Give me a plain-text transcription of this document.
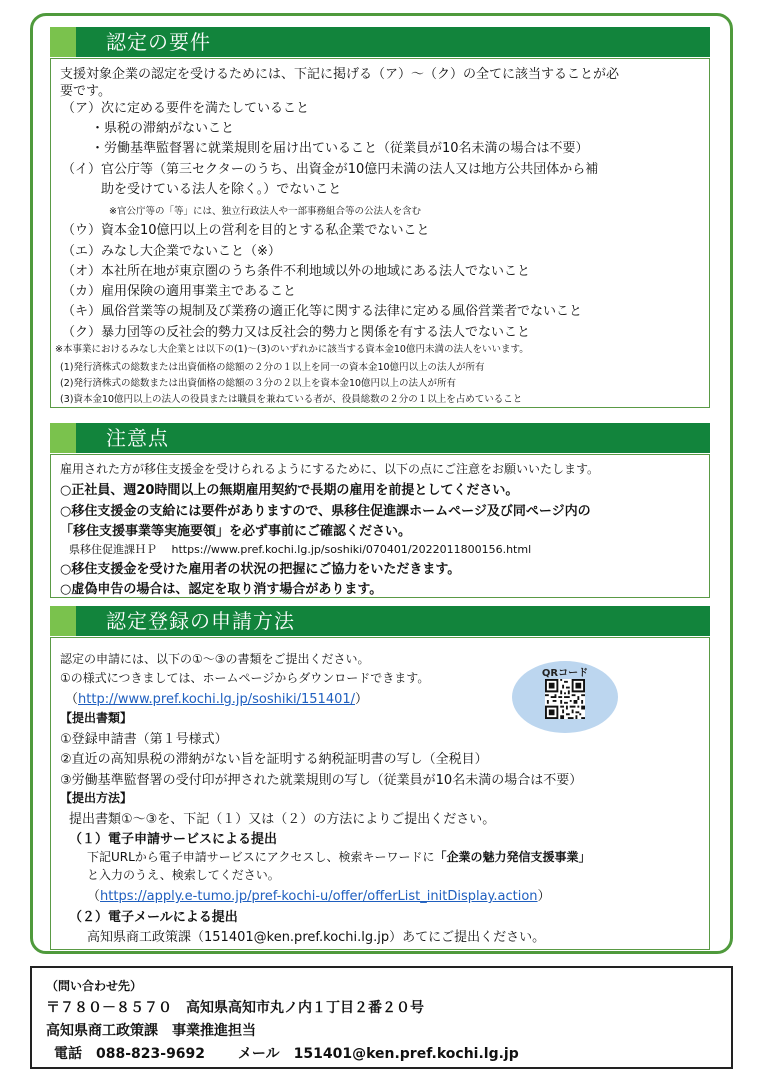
認定の要件
支援対象企業の認定を受けるためには、下記に掲げる（ア）～（ク）の全てに該当することが必
要です。
（ア）次に定める要件を満たしていること
・県税の滞納がないこと
・労働基準監督署に就業規則を届け出ていること（従業員が10名未満の場合は不要）
（イ）官公庁等（第三セクターのうち、出資金が10億円未満の法人又は地方公共団体から補
助を受けている法人を除く。）でないこと
※官公庁等の「等」には、独立行政法人や一部事務組合等の公法人を含む
（ウ）資本金10億円以上の営利を目的とする私企業でないこと
（エ）みなし大企業でないこと（※）
（オ）本社所在地が東京圏のうち条件不利地域以外の地域にある法人でないこと
（カ）雇用保険の適用事業主であること
（キ）風俗営業等の規制及び業務の適正化等に関する法律に定める風俗営業者でないこと
（ク）暴力団等の反社会的勢力又は反社会的勢力と関係を有する法人でないこと
※本事業におけるみなし大企業とは以下の(1)～(3)のいずれかに該当する資本金10億円未満の法人をいいます。
(1)発行済株式の総数または出資価格の総額の２分の１以上を同一の資本金10億円以上の法人が所有
(2)発行済株式の総数または出資価格の総額の３分の２以上を資本金10億円以上の法人が所有
(3)資本金10億円以上の法人の役員または職員を兼ねている者が、役員総数の２分の１以上を占めていること
注意点
雇用された方が移住支援金を受けられるようにするために、以下の点にご注意をお願いいたします。
○正社員、週20時間以上の無期雇用契約で長期の雇用を前提としてください。
○移住支援金の支給には要件がありますので、県移住促進課ホームページ及び同ページ内の
「移住支援事業等実施要領」を必ず事前にご確認ください。
県移住促進課ＨＰ　 https://www.pref.kochi.lg.jp/soshiki/070401/2022011800156.html
○移住支援金を受けた雇用者の状況の把握にご協力をいただきます。
○虚偽申告の場合は、認定を取り消す場合があります。
認定登録の申請方法
認定の申請には、以下の①～③の書類をご提出ください。
①の様式につきましては、ホームページからダウンロードできます。
（http://www.pref.kochi.lg.jp/soshiki/151401/）
【提出書類】
①登録申請書（第１号様式）
②直近の高知県税の滞納がない旨を証明する納税証明書の写し（全税目）
③労働基準監督署の受付印が押された就業規則の写し（従業員が10名未満の場合は不要）
【提出方法】
提出書類①～③を、下記（１）又は（２）の方法によりご提出ください。
（１）電子申請サービスによる提出
下記URLから電子申請サービスにアクセスし、検索キーワードに「企業の魅力発信支援事業」
と入力のうえ、検索してください。
（https://apply.e-tumo.jp/pref-kochi-u/offer/offerList_initDisplay.action）
（２）電子メールによる提出
高知県商工政策課（151401@ken.pref.kochi.lg.jp）あてにご提出ください。
QRコード
（問い合わせ先）
〒７８０－８５７０　高知県高知市丸ノ内１丁目２番２０号
高知県商工政策課　事業推進担当
電話　088-823-9692　　 メール　151401@ken.pref.kochi.lg.jp
